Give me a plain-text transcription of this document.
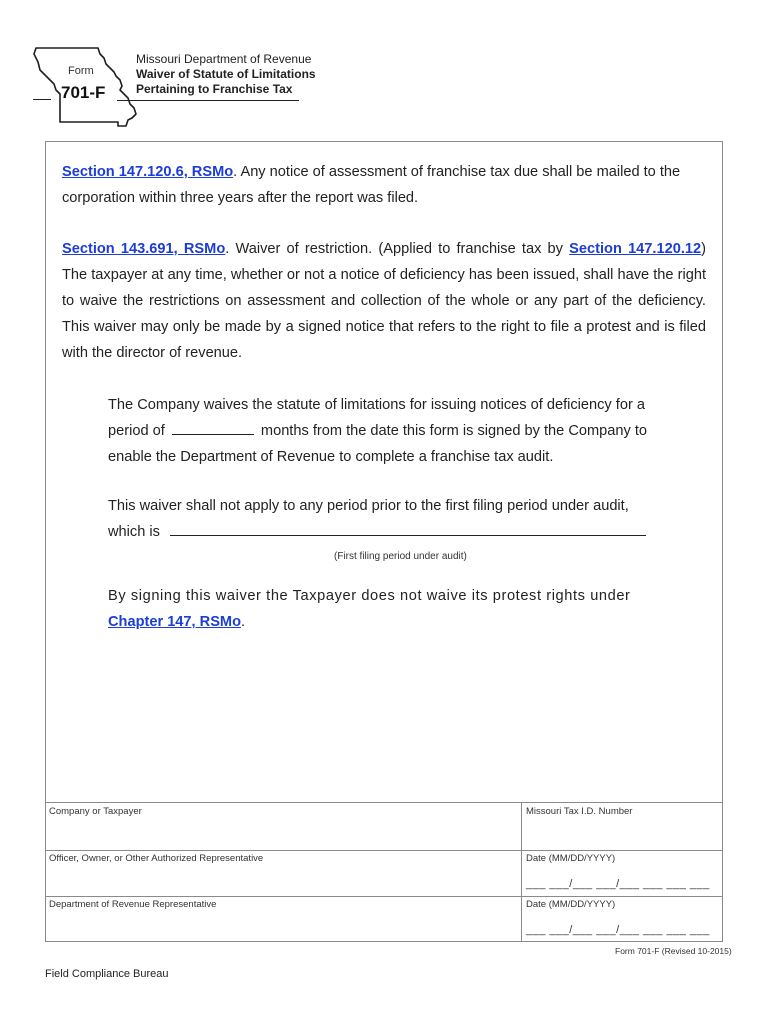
Form
701-F
Missouri Department of Revenue
Waiver of Statute of Limitations
Pertaining to Franchise Tax
Section 147.120.6, RSMo. Any notice of assessment of franchise tax due shall be mailed to the corporation within three years after the report was filed.
Section 143.691, RSMo. Waiver of restriction. (Applied to franchise tax by Section 147.120.12) The taxpayer at any time, whether or not a notice of deficiency has been issued, shall have the right to waive the restrictions on assessment and collection of the whole or any part of the deficiency. This waiver may only be made by a signed notice that refers to the right to file a protest and is filed with the director of revenue.
The Company waives the statute of limitations for issuing notices of deficiency for a period of	months from the date this form is signed by the Company to enable the Department of Revenue to complete a franchise tax audit.
This waiver shall not apply to any period prior to the first filing period under audit,
which is
(First filing period under audit)
By signing this waiver the Taxpayer does not waive its protest rights under
Chapter 147, RSMo.
Company or Taxpayer	Missouri Tax I.D. Number
Officer, Owner, or Other Authorized Representative	Date (MM/DD/YYYY)
___ ___/___ ___/___ ___ ___ ___
Department of Revenue Representative	Date (MM/DD/YYYY)
___ ___/___ ___/___ ___ ___ ___
Form 701-F (Revised 10-2015)
Field Compliance Bureau
